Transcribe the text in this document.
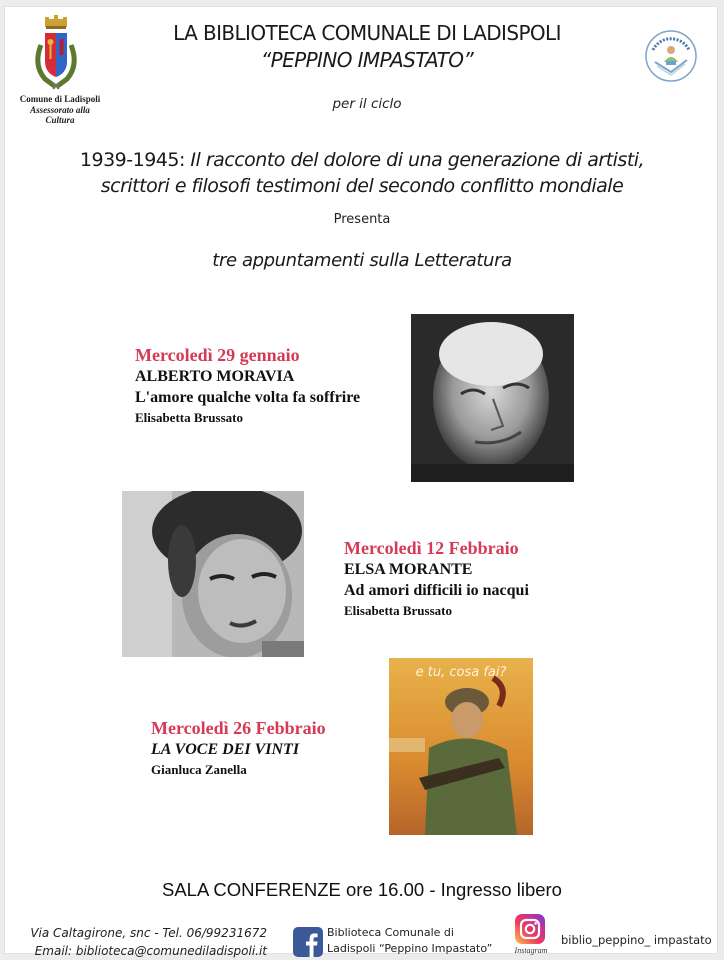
Comune di Ladispoli
Assessorato alla
Cultura
LA BIBLIOTECA COMUNALE DI LADISPOLI
“PEPPINO IMPASTATO”
per il ciclo
1939-1945: Il racconto del dolore di una generazione di artisti,
scrittori e filosofi testimoni del secondo conflitto mondiale
Presenta
tre appuntamenti sulla Letteratura
Mercoledì 29 gennaio
ALBERTO MORAVIA
L'amore qualche volta fa soffrire
Elisabetta Brussato
Mercoledì 12 Febbraio
ELSA MORANTE
Ad amori difficili io nacqui
Elisabetta Brussato
Mercoledì 26 Febbraio
LA VOCE DEI VINTI
Gianluca Zanella
e tu, cosa fai?
SALA CONFERENZE ore 16.00 - Ingresso libero
Via Caltagirone, snc - Tel. 06/99231672
Email: biblioteca@comunediladispoli.it
Biblioteca Comunale di
Ladispoli “Peppino Impastato”	Instagram
biblio_peppino_ impastato
